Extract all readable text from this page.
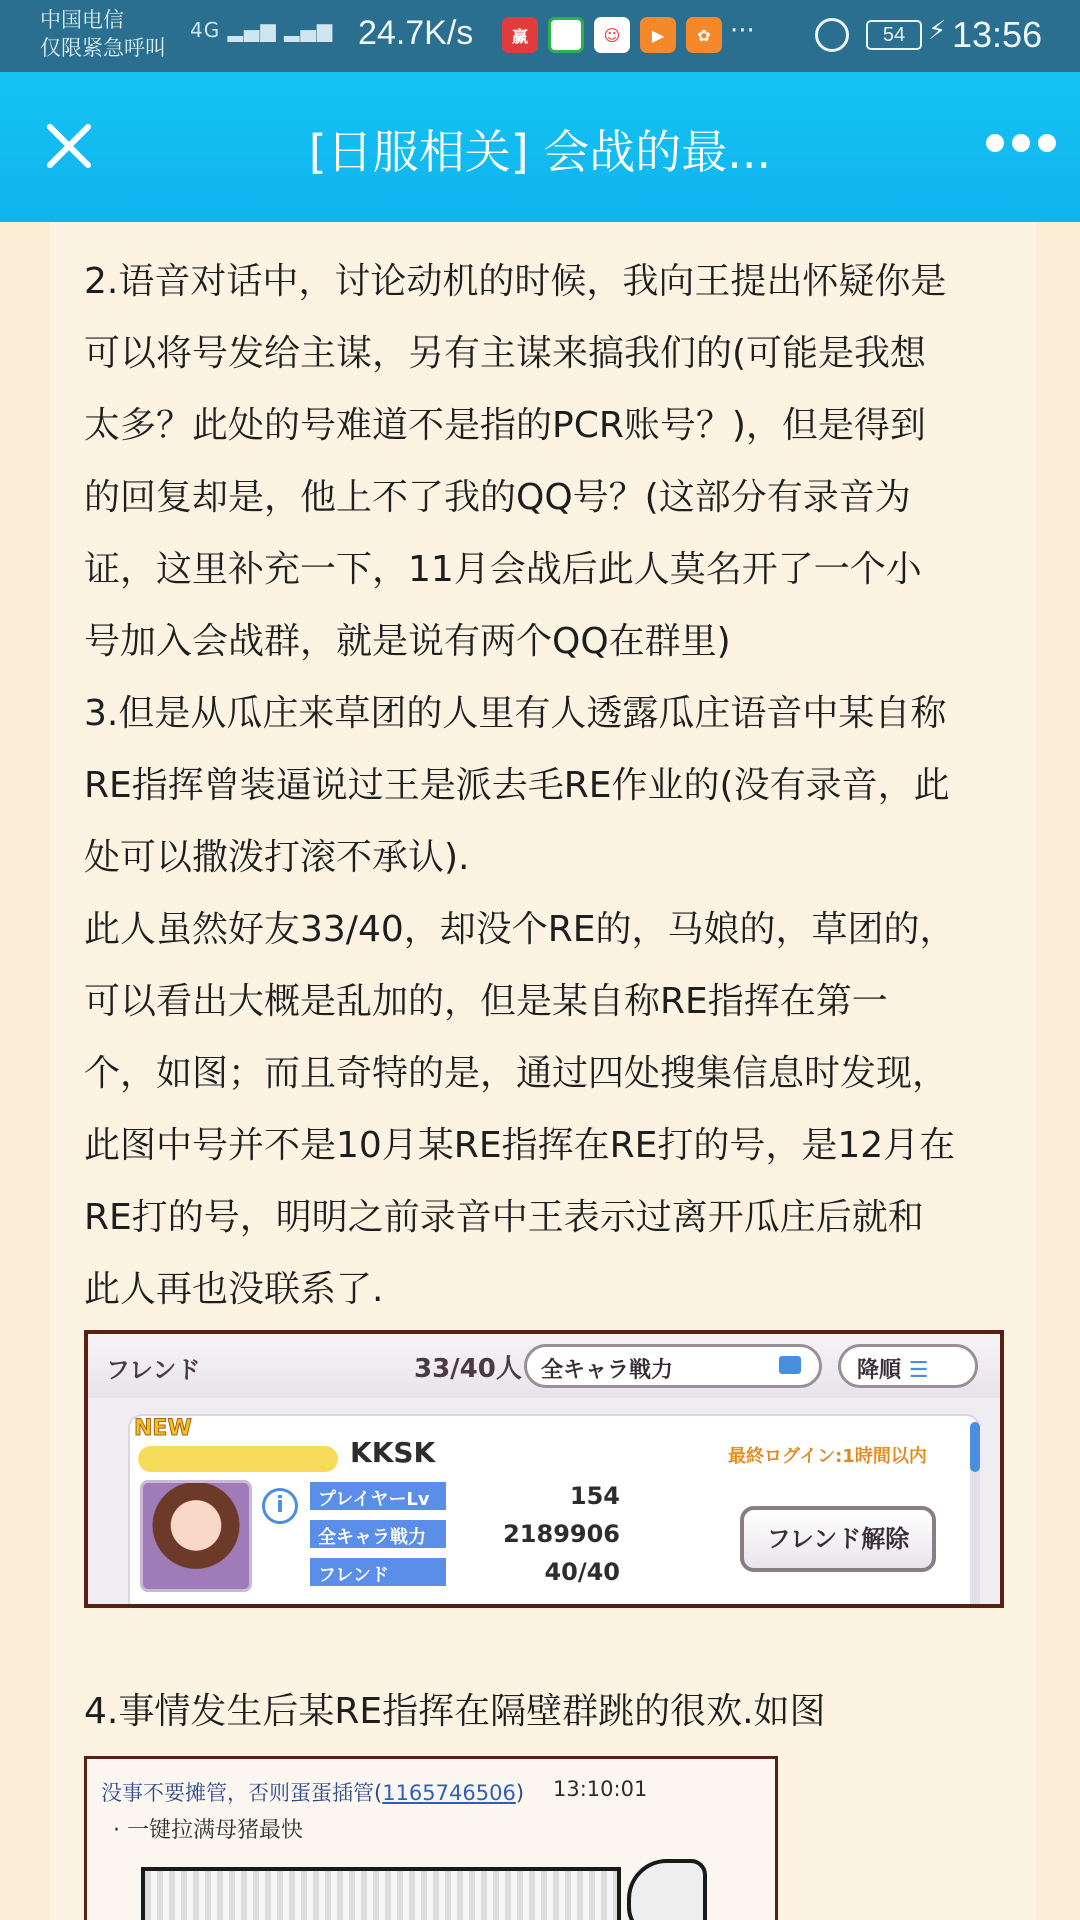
中国电信
仅限紧急呼叫
4G ▂▄▆ ▂▄▆ 24.7K/s	赢	☺	▶	✿ ···	54 ⚡ 13:56
[日服相关] 会战的最...
2.语音对话中，讨论动机的时候，我向王提出怀疑你是
可以将号发给主谋，另有主谋来搞我们的(可能是我想
太多？此处的号难道不是指的PCR账号？)，但是得到
的回复却是，他上不了我的QQ号？(这部分有录音为
证，这里补充一下，11月会战后此人莫名开了一个小
号加入会战群，就是说有两个QQ在群里)
3.但是从瓜庄来草团的人里有人透露瓜庄语音中某自称
RE指挥曾装逼说过王是派去毛RE作业的(没有录音，此
处可以撒泼打滚不承认).
此人虽然好友33/40，却没个RE的，马娘的，草团的，
可以看出大概是乱加的，但是某自称RE指挥在第一
个，如图；而且奇特的是，通过四处搜集信息时发现，
此图中号并不是10月某RE指挥在RE打的号，是12月在
RE打的号，明明之前录音中王表示过离开瓜庄后就和
此人再也没联系了.
フレンド	33/40人 全キャラ戦力	降順 ☰
NEW
KKSK	最終ログイン:1時間以内
i	プレイヤーLv	154
全キャラ戦力	2189906
フレンド	40/40
フレンド解除
4.事情发生后某RE指挥在隔壁群跳的很欢.如图
没事不要摊管，否则蛋蛋插管(1165746506) 13:10:01
· 一键拉满母猪最快
